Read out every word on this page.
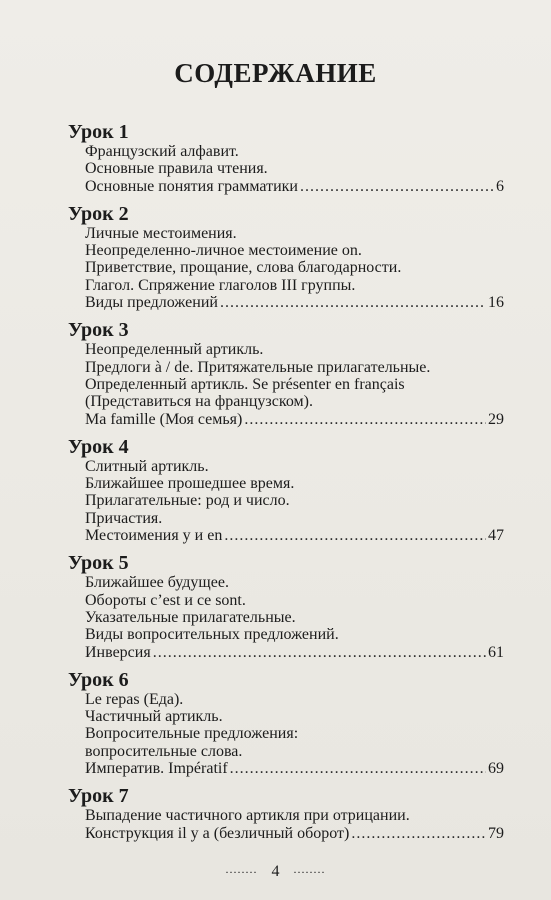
СОДЕРЖАНИЕ
Урок 1
Французский алфавит.
Основные правила чтения.
Основные понятия грамматики .....	6
Урок 2
Личные местоимения.
Неопределенно-личное местоимение on.
Приветствие, прощание, слова благодарности.
Глагол. Спряжение глаголов III группы.
Виды предложений .....	16
Урок 3
Неопределенный артикль.
Предлоги à / de. Притяжательные прилагательные.
Определенный артикль. Se présenter en français
(Представиться на французском).
Ma famille (Моя семья) .....	29
Урок 4
Слитный артикль.
Ближайшее прошедшее время.
Прилагательные: род и число.
Причастия.
Местоимения y и en .....	47
Урок 5
Ближайшее будущее.
Обороты c’est и ce sont.
Указательные прилагательные.
Виды вопросительных предложений.
Инверсия .....	61
Урок 6
Le repas (Еда).
Частичный артикль.
Вопросительные предложения:
вопросительные слова.
Императив. Impératif .....	69
Урок 7
Выпадение частичного артикля при отрицании.
Конструкция il y a (безличный оборот) .....	79
........ 4 ........
